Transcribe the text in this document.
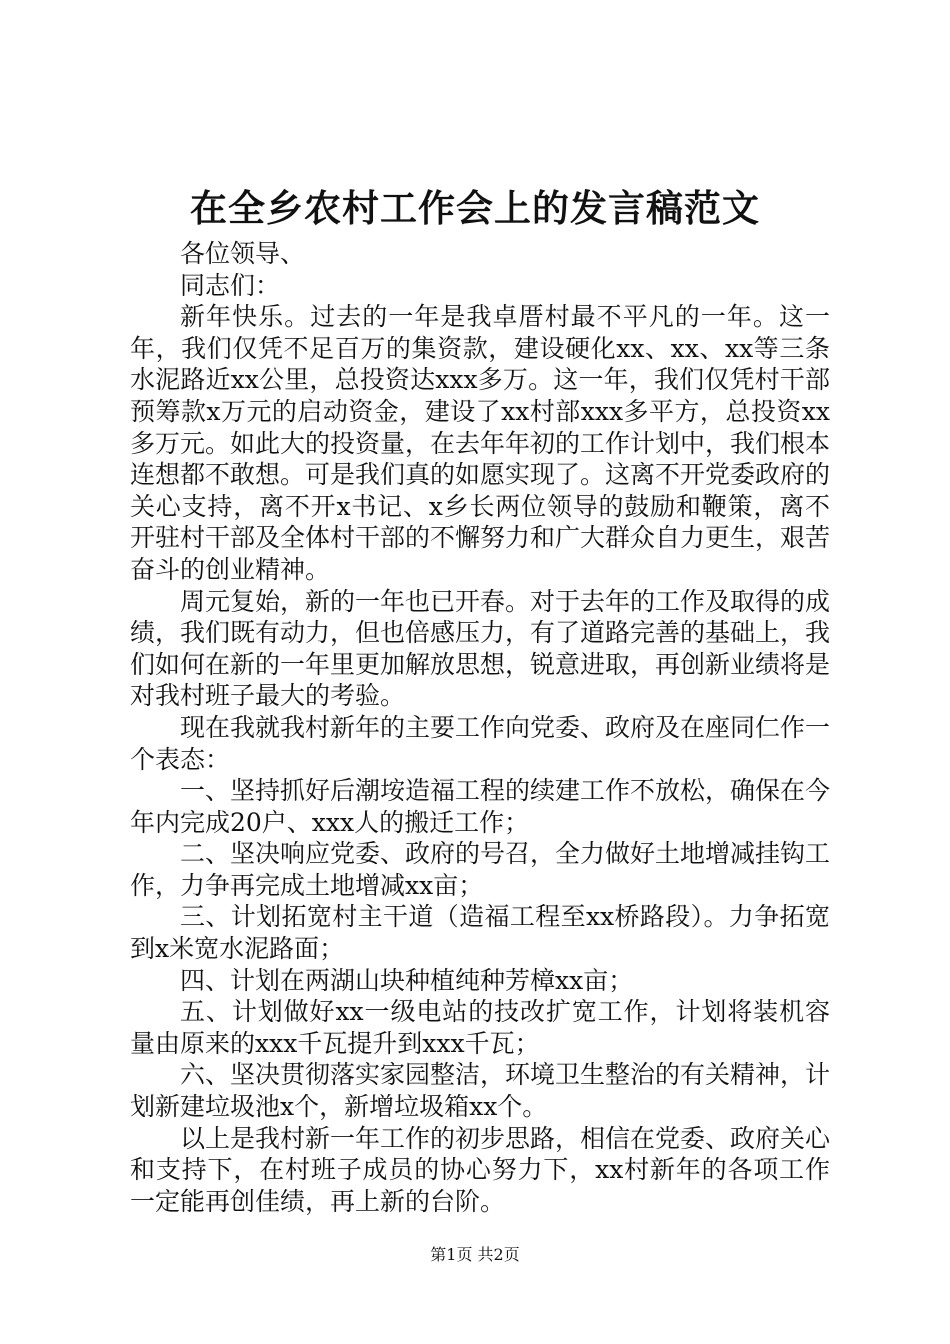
在全乡农村工作会上的发言稿范文

各位领导、

同志们：

新年快乐。过去的一年是我卓厝村最不平凡的一年。这一年，我们仅凭不足百万的集资款，建设硬化xx、xx、xx等三条水泥路近xx公里，总投资达xxx多万。这一年，我们仅凭村干部预筹款x万元的启动资金，建设了xx村部xxx多平方，总投资xx多万元。如此大的投资量，在去年年初的工作计划中，我们根本连想都不敢想。可是我们真的如愿实现了。这离不开党委政府的关心支持，离不开x书记、x乡长两位领导的鼓励和鞭策，离不开驻村干部及全体村干部的不懈努力和广大群众自力更生，艰苦奋斗的创业精神。

周元复始，新的一年也已开春。对于去年的工作及取得的成绩，我们既有动力，但也倍感压力，有了道路完善的基础上，我们如何在新的一年里更加解放思想，锐意进取，再创新业绩将是对我村班子最大的考验。

现在我就我村新年的主要工作向党委、政府及在座同仁作一个表态：

一、坚持抓好后潮垵造福工程的续建工作不放松，确保在今年内完成20户、xxx人的搬迁工作；

二、坚决响应党委、政府的号召，全力做好土地增减挂钩工作，力争再完成土地增减xx亩；

三、计划拓宽村主干道（造福工程至xx桥路段）。力争拓宽到x米宽水泥路面；

四、计划在两湖山块种植纯种芳樟xx亩；

五、计划做好xx一级电站的技改扩宽工作，计划将装机容量由原来的xxx千瓦提升到xxx千瓦；

六、坚决贯彻落实家园整洁，环境卫生整治的有关精神，计划新建垃圾池x个，新增垃圾箱xx个。

以上是我村新一年工作的初步思路，相信在党委、政府关心和支持下，在村班子成员的协心努力下，xx村新年的各项工作一定能再创佳绩，再上新的台阶。

第1页 共2页
